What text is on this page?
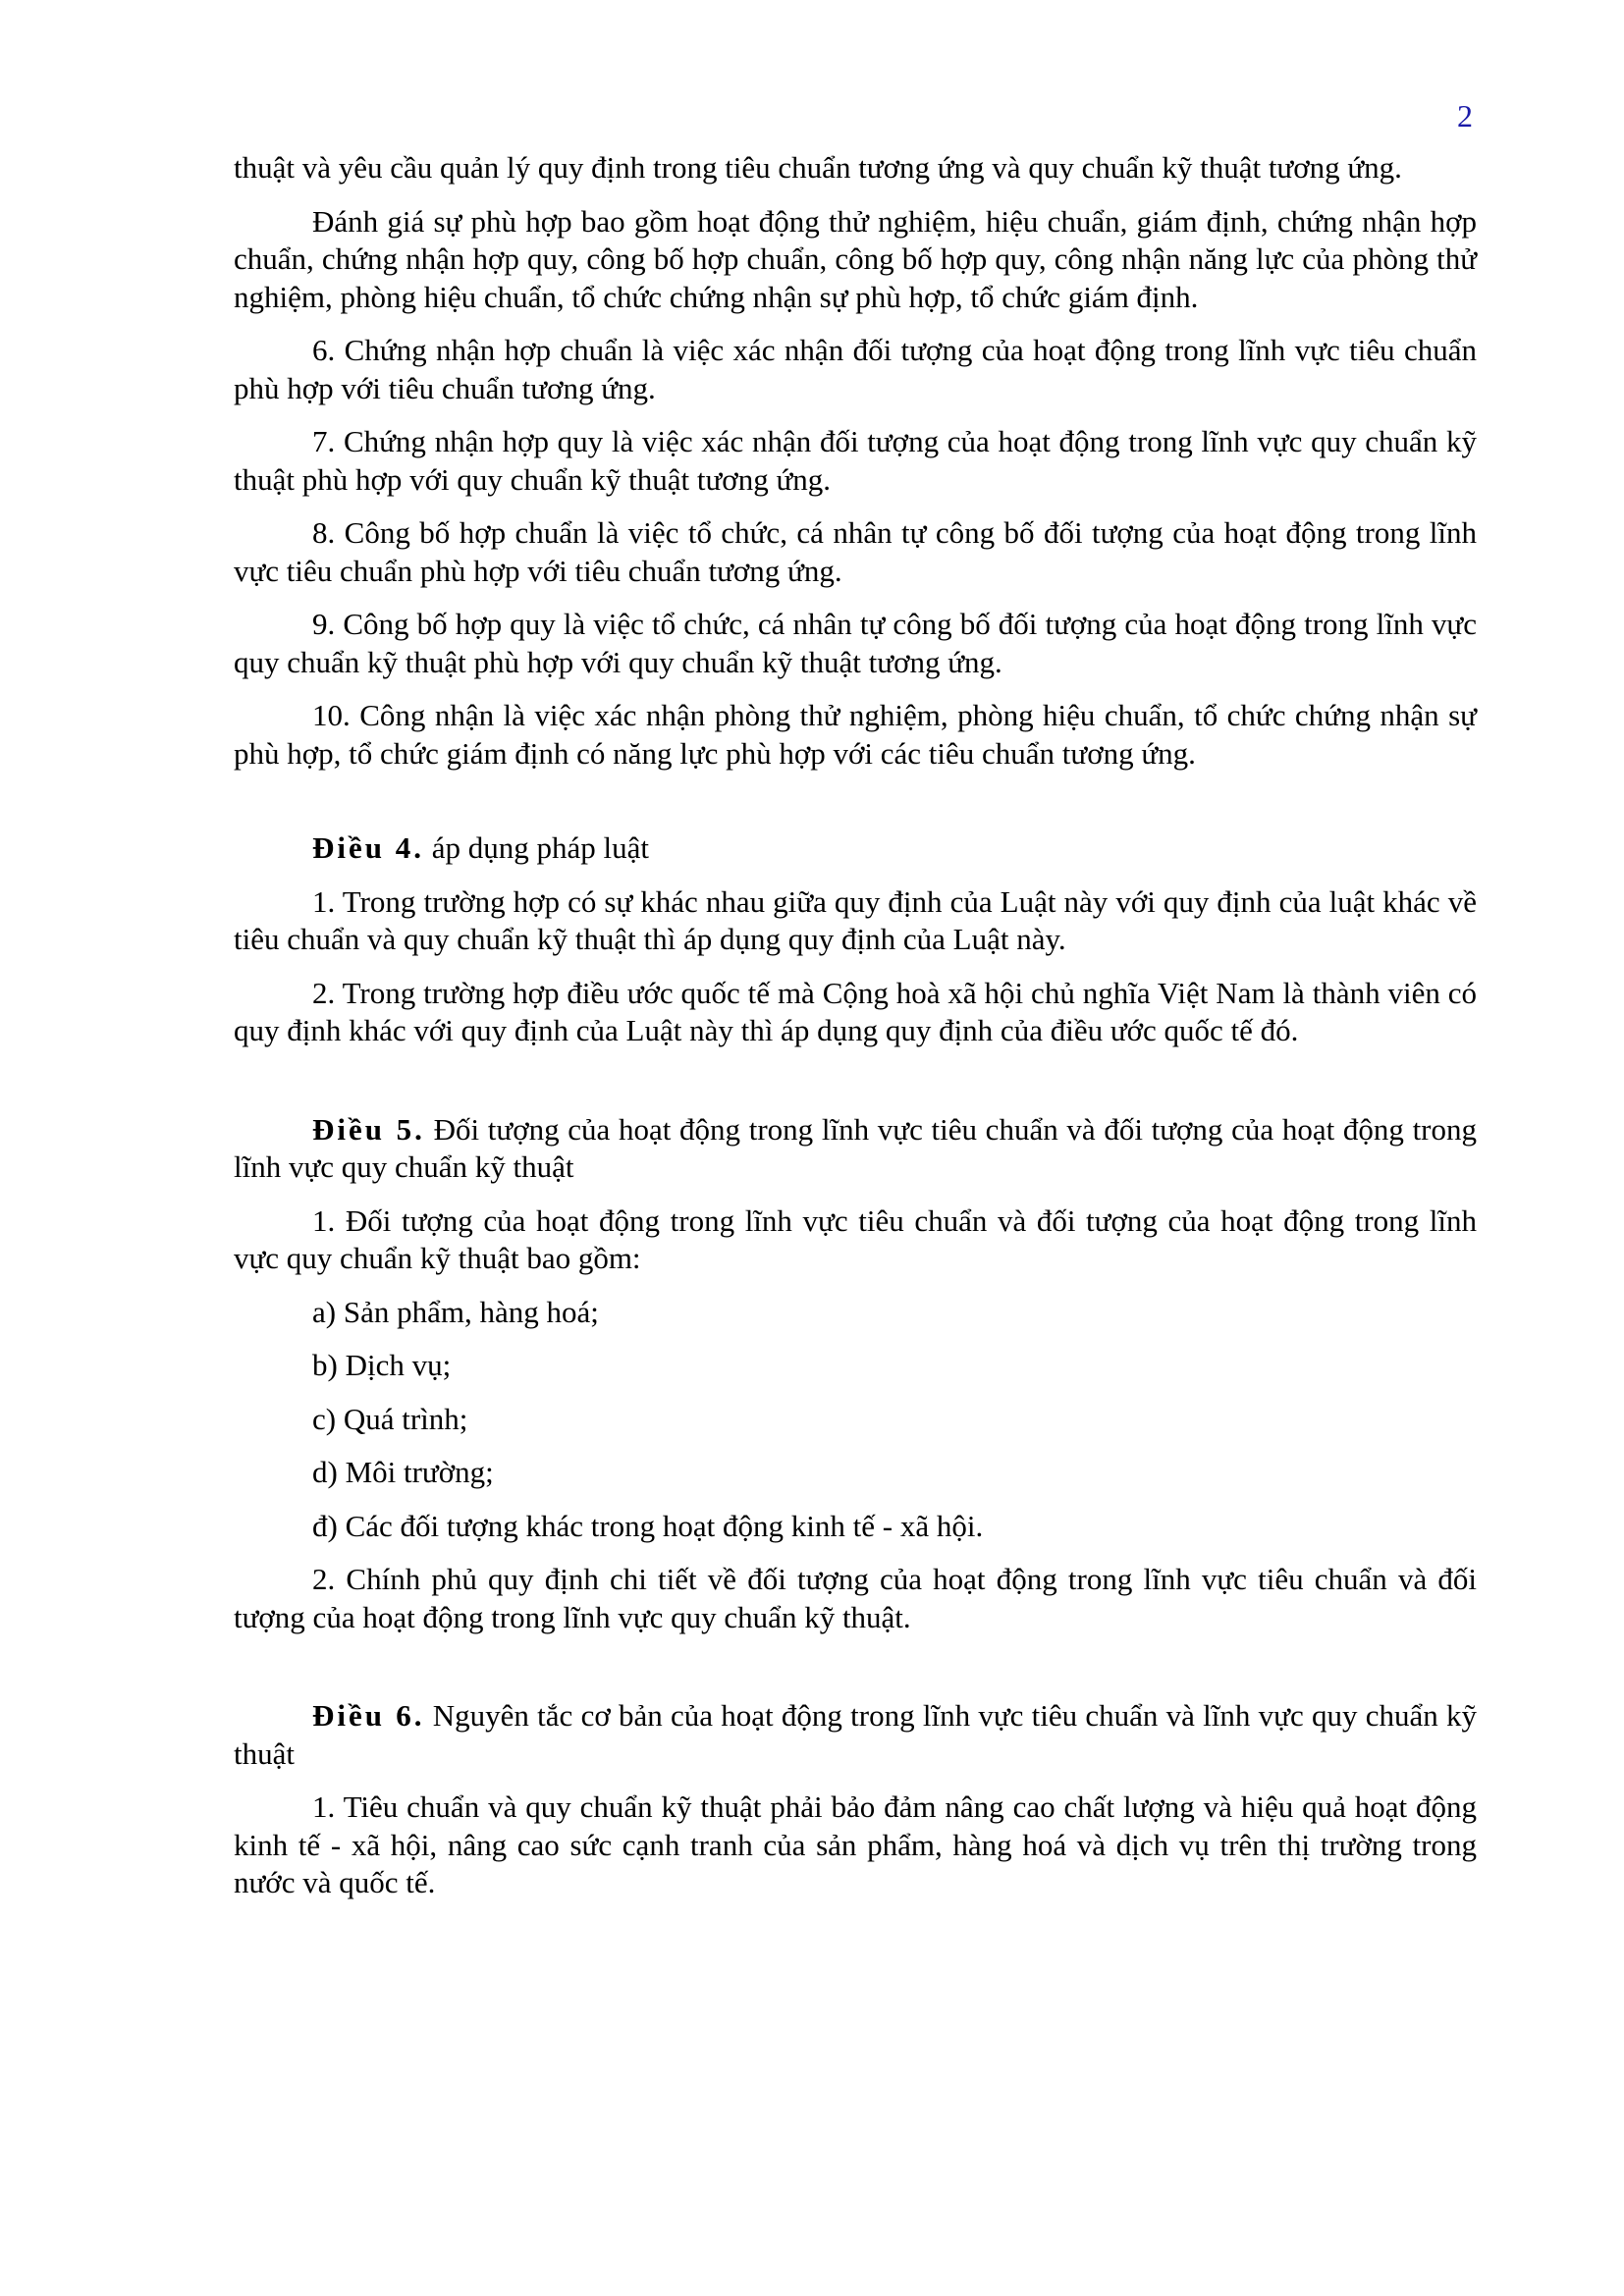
2

thuật và yêu cầu quản lý quy định trong tiêu chuẩn tương ứng và quy chuẩn kỹ thuật tương ứng.

Đánh giá sự phù hợp bao gồm hoạt động thử nghiệm, hiệu chuẩn, giám định, chứng nhận hợp chuẩn, chứng nhận hợp quy, công bố hợp chuẩn, công bố hợp quy, công nhận năng lực của phòng thử nghiệm, phòng hiệu chuẩn, tổ chức chứng nhận sự phù hợp, tổ chức giám định.

6. Chứng nhận hợp chuẩn là việc xác nhận đối tượng của hoạt động trong lĩnh vực tiêu chuẩn phù hợp với tiêu chuẩn tương ứng.

7. Chứng nhận hợp quy là việc xác nhận đối tượng của hoạt động trong lĩnh vực quy chuẩn kỹ thuật phù hợp với quy chuẩn kỹ thuật tương ứng.

8. Công bố hợp chuẩn là việc tổ chức, cá nhân tự công bố đối tượng của hoạt động trong lĩnh vực tiêu chuẩn phù hợp với tiêu chuẩn tương ứng.

9. Công bố hợp quy là việc tổ chức, cá nhân tự công bố đối tượng của hoạt động trong lĩnh vực quy chuẩn kỹ thuật phù hợp với quy chuẩn kỹ thuật tương ứng.

10. Công nhận là việc xác nhận phòng thử nghiệm, phòng hiệu chuẩn, tổ chức chứng nhận sự phù hợp, tổ chức giám định có năng lực phù hợp với các tiêu chuẩn tương ứng.

Điều 4. áp dụng pháp luật

1. Trong trường hợp có sự khác nhau giữa quy định của Luật này với quy định của luật khác về tiêu chuẩn và quy chuẩn kỹ thuật thì áp dụng quy định của Luật này.

2. Trong trường hợp điều ước quốc tế mà Cộng hoà xã hội chủ nghĩa Việt Nam là thành viên có quy định khác với quy định của Luật này thì áp dụng quy định của điều ước quốc tế đó.

Điều 5. Đối tượng của hoạt động trong lĩnh vực tiêu chuẩn và đối tượng của hoạt động trong lĩnh vực quy chuẩn kỹ thuật

1. Đối tượng của hoạt động trong lĩnh vực tiêu chuẩn và đối tượng của hoạt động trong lĩnh vực quy chuẩn kỹ thuật bao gồm:

a) Sản phẩm, hàng hoá;

b) Dịch vụ;

c) Quá trình;

d) Môi trường;

đ) Các đối tượng khác trong hoạt động kinh tế - xã hội.

2. Chính phủ quy định chi tiết về đối tượng của hoạt động trong lĩnh vực tiêu chuẩn và đối tượng của hoạt động trong lĩnh vực quy chuẩn kỹ thuật.

Điều 6. Nguyên tắc cơ bản của hoạt động trong lĩnh vực tiêu chuẩn và lĩnh vực quy chuẩn kỹ thuật

1. Tiêu chuẩn và quy chuẩn kỹ thuật phải bảo đảm nâng cao chất lượng và hiệu quả hoạt động kinh tế - xã hội, nâng cao sức cạnh tranh của sản phẩm, hàng hoá và dịch vụ trên thị trường trong nước và quốc tế.
